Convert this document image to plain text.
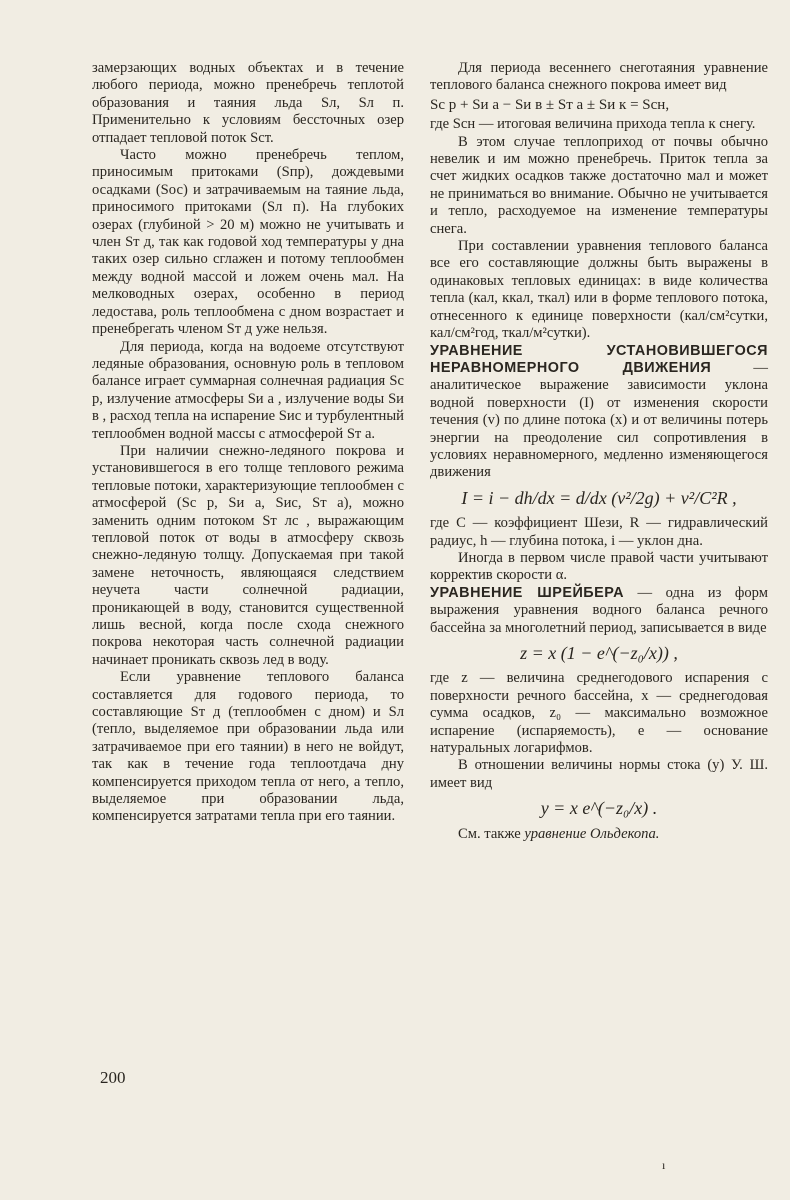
замерзающих водных объектах и в течение любого периода, можно пренебречь теплотой образования и таяния льда Sл, Sл п. Применительно к условиям бессточных озер отпадает тепловой поток Sст.

Часто можно пренебречь теплом, приносимым притоками (Sпр), дождевыми осадками (Sос) и затрачиваемым на таяние льда, приносимого притоками (Sл п). На глубоких озерах (глубиной > 20 м) можно не учитывать и член Sт д, так как годовой ход температуры у дна таких озер сильно сглажен и потому теплообмен между водной массой и ложем очень мал. На мелководных озерах, особенно в период ледостава, роль теплообмена с дном возрастает и пренебрегать членом Sт д уже нельзя.

Для периода, когда на водоеме отсутствуют ледяные образования, основную роль в тепловом балансе играет суммарная солнечная радиация Sс р, излучение атмосферы Sи а , излучение воды Sи в , расход тепла на испарение Sис и турбулентный теплообмен водной массы с атмосферой Sт а.

При наличии снежно-ледяного покрова и установившегося в его толще теплового режима тепловые потоки, характеризующие теплообмен с атмосферой (Sс р, Sи а, Sис, Sт а), можно заменить одним потоком Sт лс , выражающим тепловой поток от воды в атмосферу сквозь снежно-ледяную толщу. Допускаемая при такой замене неточность, являющаяся следствием неучета части солнечной радиации, проникающей в воду, становится существенной лишь весной, когда после схода снежного покрова некоторая часть солнечной радиации начинает проникать сквозь лед в воду.

Если уравнение теплового баланса составляется для годового периода, то составляющие Sт д (теплообмен с дном) и Sл (тепло, выделяемое при образовании льда или затрачиваемое при его таянии) в него не войдут, так как в течение года теплоотдача дну компенсируется приходом тепла от него, а тепло, выделяемое при образовании льда, компенсируется затратами тепла при его таянии.

Для периода весеннего снеготаяния уравнение теплового баланса снежного покрова имеет вид

Sс р + Sи а − Sи в ± Sт а ± Sи к = Sсн,

где Sсн — итоговая величина прихода тепла к снегу.

В этом случае теплоприход от почвы обычно невелик и им можно пренебречь. Приток тепла за счет жидких осадков также достаточно мал и может не приниматься во внимание. Обычно не учитывается и тепло, расходуемое на изменение температуры снега.

При составлении уравнения теплового баланса все его составляющие должны быть выражены в одинаковых тепловых единицах: в виде количества тепла (кал, ккал, ткал) или в форме теплового потока, отнесенного к единице поверхности (кал/см²сутки, кал/см²год, ткал/м²сутки).

УРАВНЕНИЕ УСТАНОВИВШЕГОСЯ НЕРАВНОМЕРНОГО ДВИЖЕНИЯ — аналитическое выражение зависимости уклона водной поверхности (I) от изменения скорости течения (v) по длине потока (x) и от величины потерь энергии на преодоление сил сопротивления в условиях неравномерного, медленно изменяющегося движения

I = i − dh/dx = d/dx (v²/2g) + v²/C²R ,

где C — коэффициент Шези, R — гидравлический радиус, h — глубина потока, i — уклон дна.

Иногда в первом числе правой части учитывают корректив скорости α.

УРАВНЕНИЕ ШРЕЙБЕРА — одна из форм выражения уравнения водного баланса речного бассейна за многолетний период, записывается в виде

z = x (1 − e^(−z₀/x)) ,

где z — величина среднегодового испарения с поверхности речного бассейна, x — среднегодовая сумма осадков, z₀ — максимально возможное испарение (испаряемость), e — основание натуральных логарифмов.

В отношении величины нормы стока (y) У. Ш. имеет вид

y = x e^(−z₀/x) .

См. также уравнение Ольдекопа.

200
ı
